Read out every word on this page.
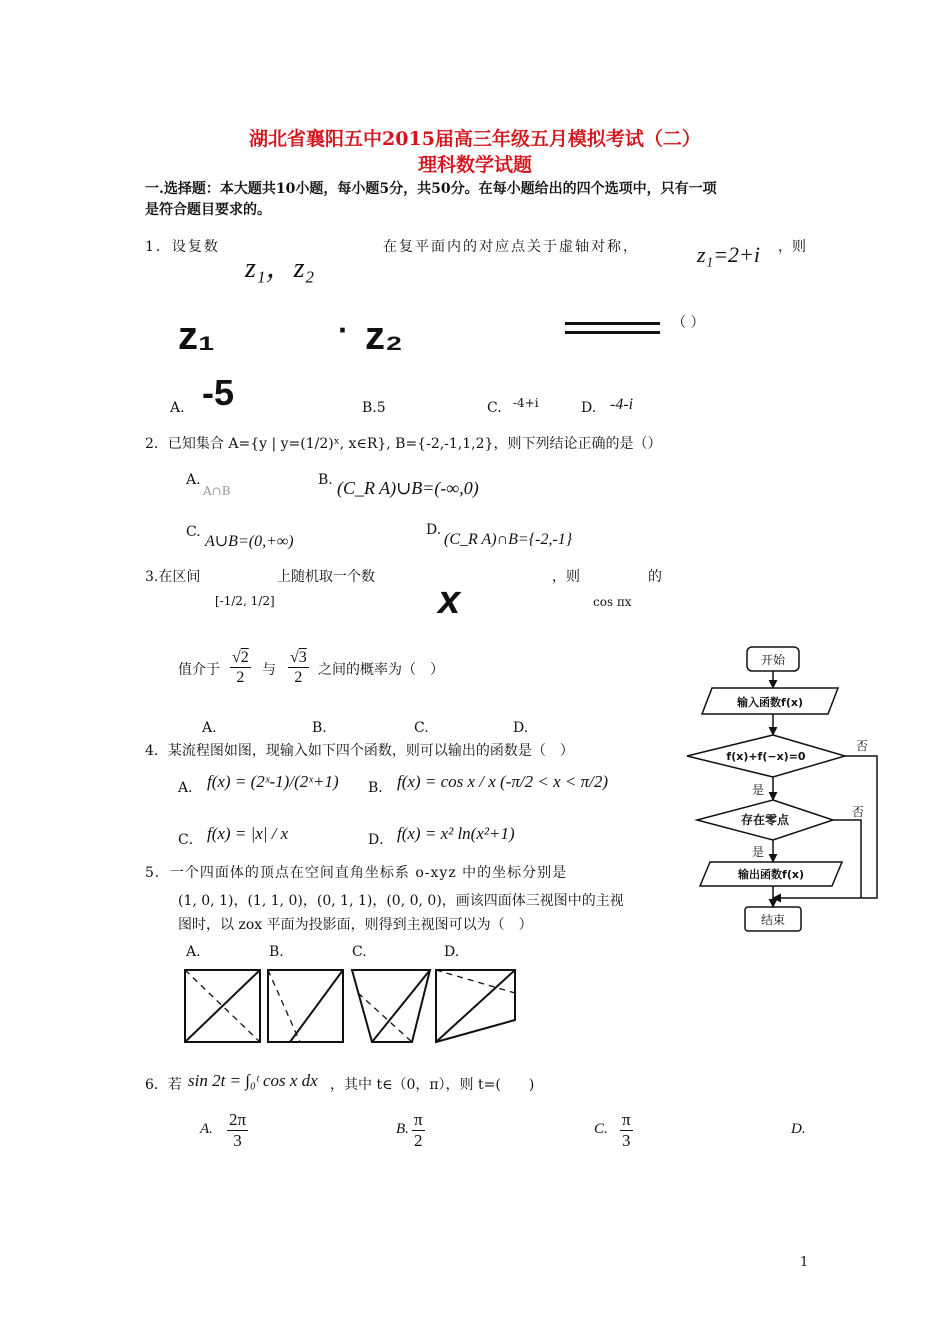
湖北省襄阳五中2015届高三年级五月模拟考试（二）
理科数学试题
一.选择题：本大题共10小题，每小题5分，共50分。在每小题给出的四个选项中，只有一项
是符合题目要求的。
1．设复数
z₁，z₂
在复平面内的对应点关于虚轴对称，	z₁=2+i ，则
z₁	· z₂	（ ）
A. -5	B.5	C. -4+i	D. -4-i
2．已知集合 A={y | y=(1/2)ˣ, x∈R}, B={-2,-1,1,2}，则下列结论正确的是（）
A.
A∩B
B. (C_R A)∪B=(-∞,0)
C.
A∪B=(0,+∞)
D.
(C_R A)∩B={-2,-1}
3.在区间
[-1/2, 1/2]
上随机取一个数
x
，则
cos πx
的
值介于 $\frac{√2}{2}$ 与 $\frac{√3}{2}$ 之间的概率为（　）
A.	B.	C.	D.
4．某流程图如图，现输入如下四个函数，则可以输出的函数是（　）
A． f(x) = (2ˣ-1)/(2ˣ+1) B． f(x) = cos x / x (-π/2 < x < π/2)
C． f(x) = |x| / x	D． f(x) = x² ln(x²+1)
5．一个四面体的顶点在空间直角坐标系 o-xyz 中的坐标分别是
(1, 0, 1)，(1, 1, 0)，(0, 1, 1)，(0, 0, 0)，画该四面体三视图中的主视
图时，以 zox 平面为投影面，则得到主视图可以为（　）
A.	B.	C.	D.
6．若 sin 2t = ∫₀ᵗ cos x dx ，其中 t∈（0，π），则 t=(　　)
A. $\frac{2\pi}{3}$	B. $\frac{\pi}{2}$	C. $\frac{\pi}{3}$	D.
开始
输入函数f(x)
f(x)+f(−x)=0
存在零点
输出函数f(x)
结束
是
是
否
否
1
